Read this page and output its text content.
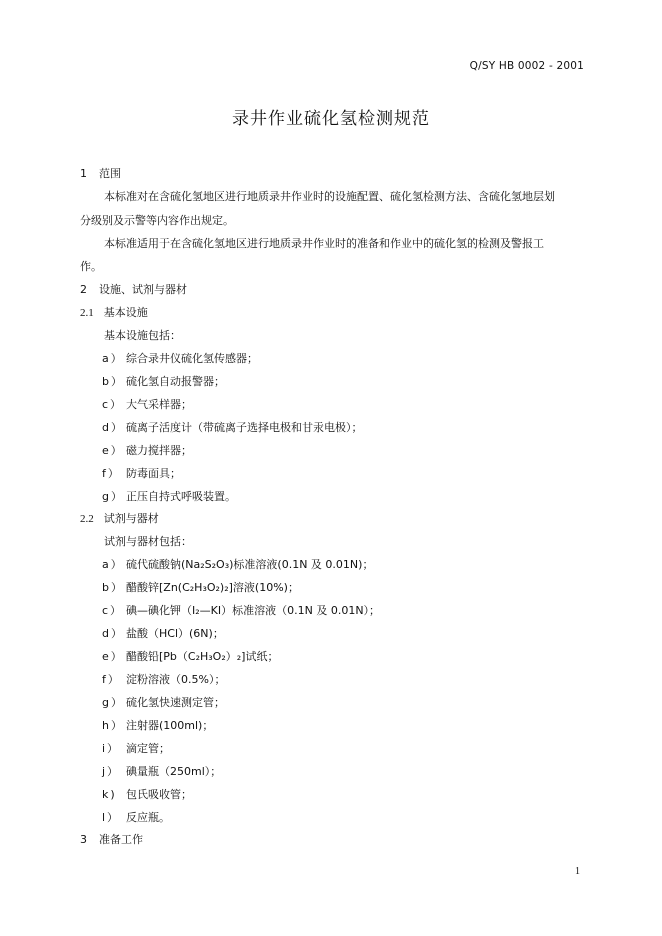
Q/SY HB 0002 - 2001
录井作业硫化氢检测规范
1 范围
本标准对在含硫化氢地区进行地质录井作业时的设施配置、硫化氢检测方法、含硫化氢地层划
分级别及示警等内容作出规定。
本标准适用于在含硫化氢地区进行地质录井作业时的准备和作业中的硫化氢的检测及警报工
作。
2 设施、试剂与器材
2.1 基本设施
基本设施包括：
a） 综合录井仪硫化氢传感器；
b） 硫化氢自动报警器；
c） 大气采样器；
d） 硫离子活度计（带硫离子选择电极和甘汞电极）；
e） 磁力搅拌器；
f） 防毒面具；
g） 正压自持式呼吸装置。
2.2 试剂与器材
试剂与器材包括：
a） 硫代硫酸钠(Na₂S₂O₃)标准溶液(0.1N 及 0.01N)；
b） 醋酸锌[Zn(C₂H₃O₂)₂]溶液(10%)；
c） 碘—碘化钾（I₂—KI）标准溶液（0.1N 及 0.01N）；
d） 盐酸（HCl）(6N)；
e） 醋酸铅[Pb（C₂H₃O₂）₂]试纸；
f） 淀粉溶液（0.5%）；
g） 硫化氢快速测定管；
h） 注射器(100ml)；
i） 滴定管；
j） 碘量瓶（250ml）；
k) 包氏吸收管；
l） 反应瓶。
3 准备工作
1
